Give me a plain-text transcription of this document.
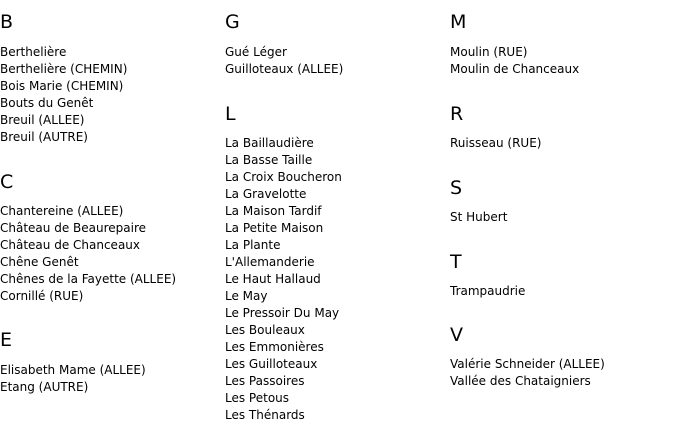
B
Berthelière
Berthelière (CHEMIN)
Bois Marie (CHEMIN)
Bouts du Genêt
Breuil (ALLEE)
Breuil (AUTRE)
C
Chantereine (ALLEE)
Château de Beaurepaire
Château de Chanceaux
Chêne Genêt
Chênes de la Fayette (ALLEE)
Cornillé (RUE)
E
Elisabeth Mame (ALLEE)
Etang (AUTRE)
G
Gué Léger
Guilloteaux (ALLEE)
L
La Baillaudière
La Basse Taille
La Croix Boucheron
La Gravelotte
La Maison Tardif
La Petite Maison
La Plante
L'Allemanderie
Le Haut Hallaud
Le May
Le Pressoir Du May
Les Bouleaux
Les Emmonières
Les Guilloteaux
Les Passoires
Les Petous
Les Thénards
M
Moulin (RUE)
Moulin de Chanceaux
R
Ruisseau (RUE)
S
St Hubert
T
Trampaudrie
V
Valérie Schneider (ALLEE)
Vallée des Chataigniers
